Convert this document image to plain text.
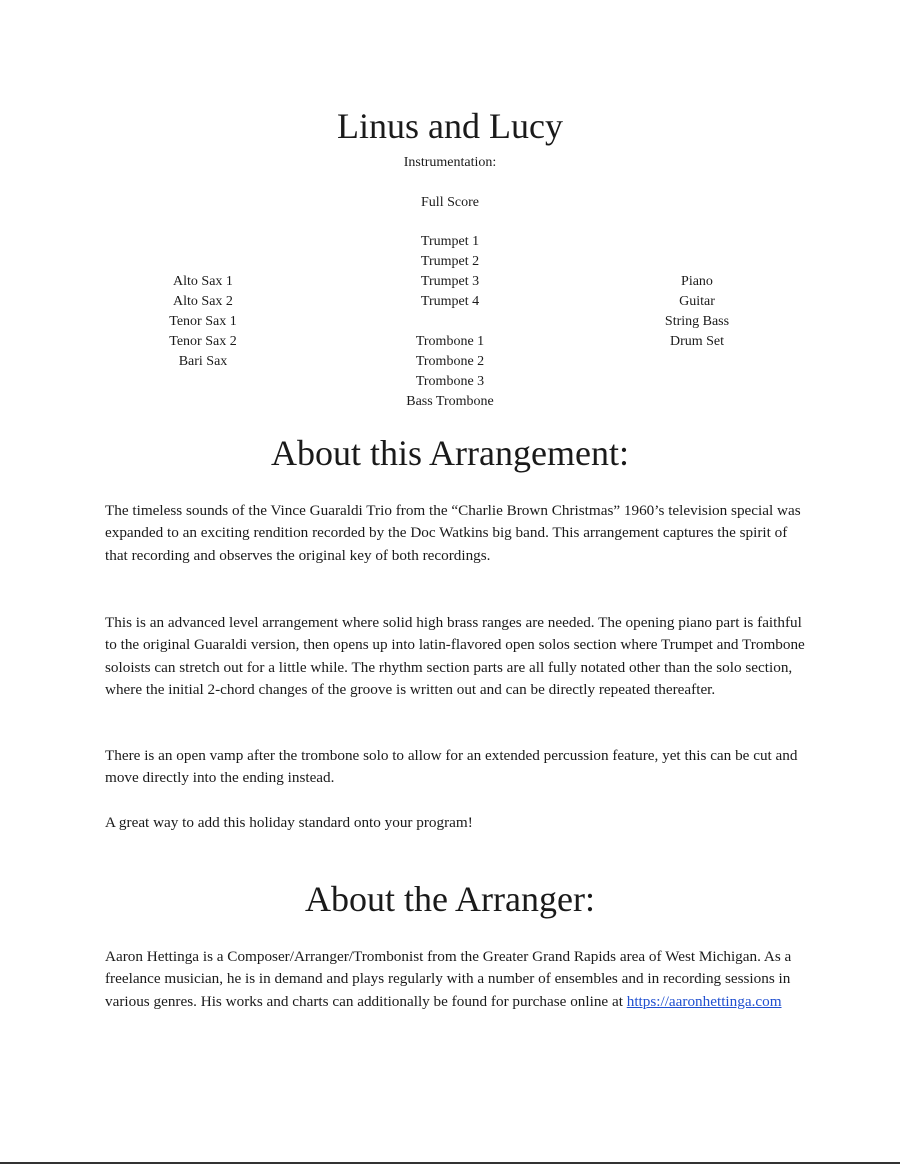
Linus and Lucy
Instrumentation:
Full Score
Alto Sax 1
Alto Sax 2
Tenor Sax 1
Tenor Sax 2
Bari Sax
Trumpet 1
Trumpet 2
Trumpet 3
Trumpet 4
Trombone 1
Trombone 2
Trombone 3
Bass Trombone
Piano
Guitar
String Bass
Drum Set
About this Arrangement:

The timeless sounds of the Vince Guaraldi Trio from the “Charlie Brown Christmas” 1960’s television special was expanded to an exciting rendition recorded by the Doc Watkins big band. This arrangement captures the spirit of that recording and observes the original key of both recordings.

This is an advanced level arrangement where solid high brass ranges are needed. The opening piano part is faithful to the original Guaraldi version, then opens up into latin-flavored open solos section where Trumpet and Trombone soloists can stretch out for a little while. The rhythm section parts are all fully notated other than the solo section, where the initial 2-chord changes of the groove is written out and can be directly repeated thereafter.

There is an open vamp after the trombone solo to allow for an extended percussion feature, yet this can be cut and move directly into the ending instead.

A great way to add this holiday standard onto your program!

About the Arranger:

Aaron Hettinga is a Composer/Arranger/Trombonist from the Greater Grand Rapids area of West Michigan. As a freelance musician, he is in demand and plays regularly with a number of ensembles and in recording sessions in various genres. His works and charts can additionally be found for purchase online at https://aaronhettinga.com
